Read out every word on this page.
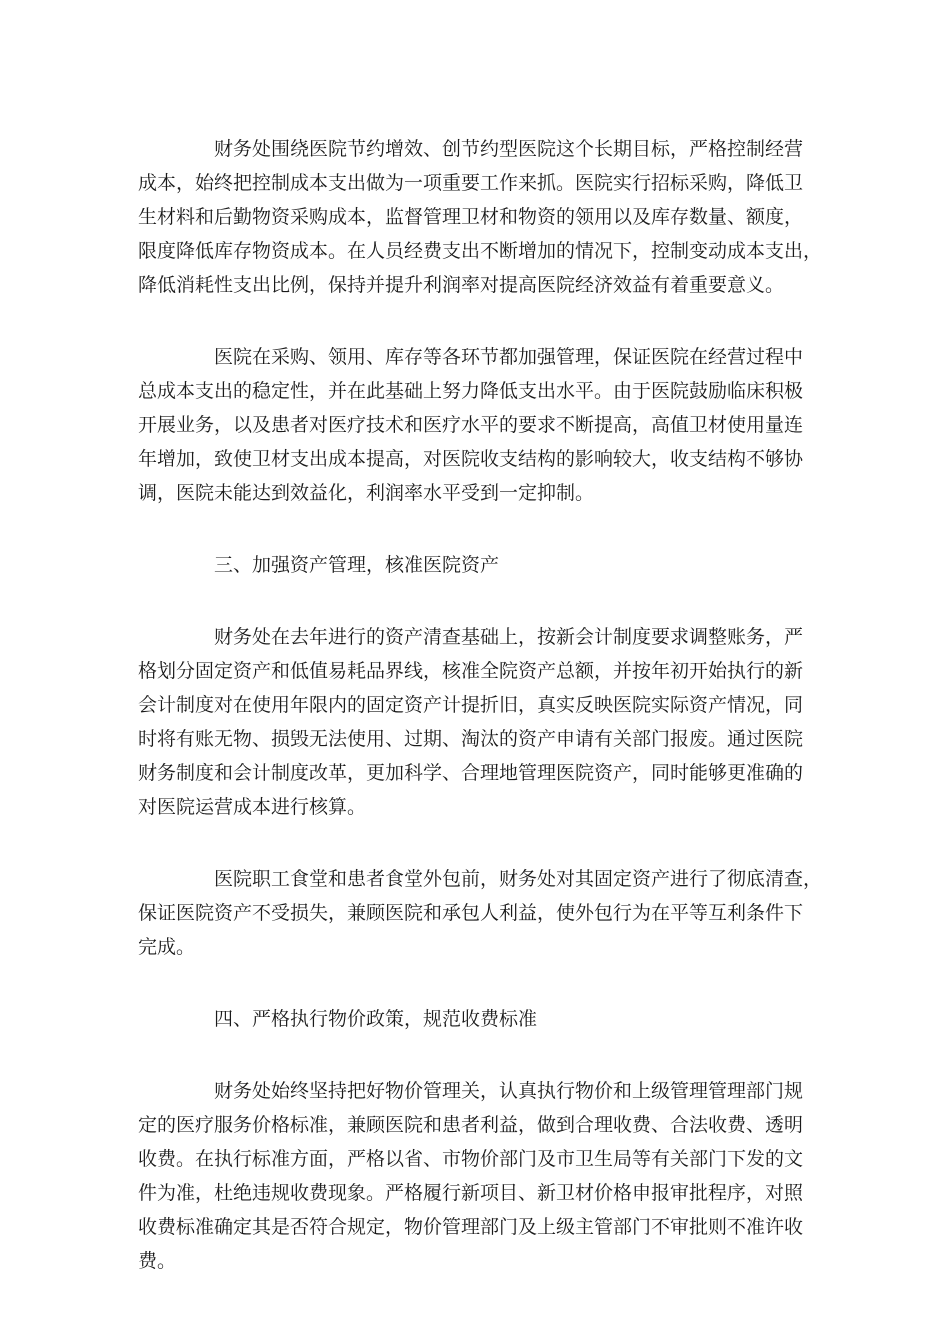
财务处围绕医院节约增效、创节约型医院这个长期目标，严格控制经营
成本，始终把控制成本支出做为一项重要工作来抓。医院实行招标采购，降低卫
生材料和后勤物资采购成本，监督管理卫材和物资的领用以及库存数量、额度，
限度降低库存物资成本。在人员经费支出不断增加的情况下，控制变动成本支出，
降低消耗性支出比例，保持并提升利润率对提高医院经济效益有着重要意义。
医院在采购、领用、库存等各环节都加强管理，保证医院在经营过程中
总成本支出的稳定性，并在此基础上努力降低支出水平。由于医院鼓励临床积极
开展业务，以及患者对医疗技术和医疗水平的要求不断提高，高值卫材使用量连
年增加，致使卫材支出成本提高，对医院收支结构的影响较大，收支结构不够协
调，医院未能达到效益化，利润率水平受到一定抑制。
三、加强资产管理，核准医院资产
财务处在去年进行的资产清查基础上，按新会计制度要求调整账务，严
格划分固定资产和低值易耗品界线，核准全院资产总额，并按年初开始执行的新
会计制度对在使用年限内的固定资产计提折旧，真实反映医院实际资产情况，同
时将有账无物、损毁无法使用、过期、淘汰的资产申请有关部门报废。通过医院
财务制度和会计制度改革，更加科学、合理地管理医院资产，同时能够更准确的
对医院运营成本进行核算。
医院职工食堂和患者食堂外包前，财务处对其固定资产进行了彻底清查，
保证医院资产不受损失，兼顾医院和承包人利益，使外包行为在平等互利条件下
完成。
四、严格执行物价政策，规范收费标准
财务处始终坚持把好物价管理关，认真执行物价和上级管理管理部门规
定的医疗服务价格标准，兼顾医院和患者利益，做到合理收费、合法收费、透明
收费。在执行标准方面，严格以省、市物价部门及市卫生局等有关部门下发的文
件为准，杜绝违规收费现象。严格履行新项目、新卫材价格申报审批程序，对照
收费标准确定其是否符合规定，物价管理部门及上级主管部门不审批则不准许收
费。
